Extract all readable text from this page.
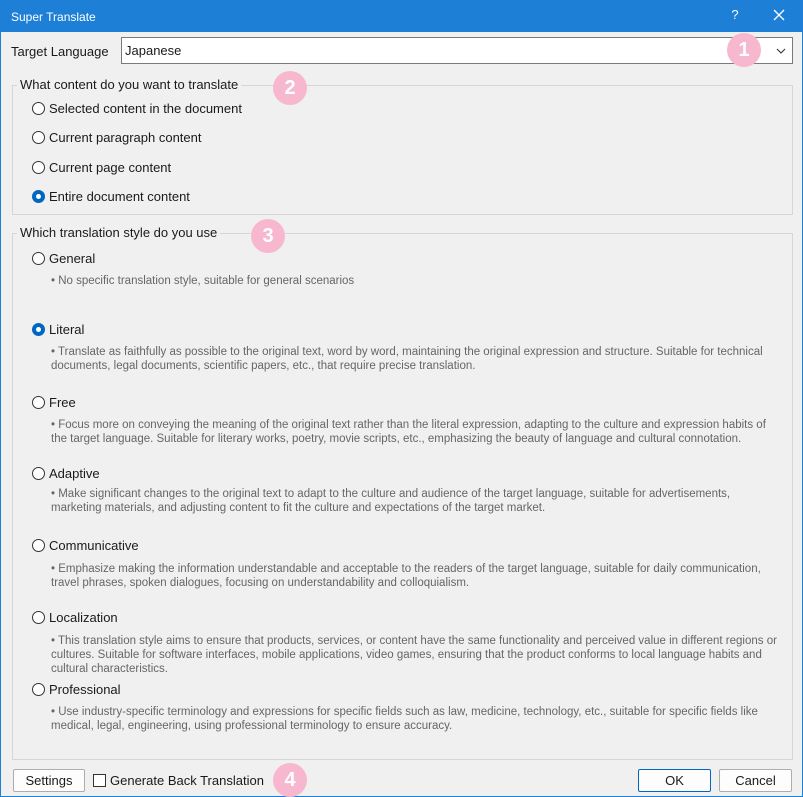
Super Translate	?
Target Language Japanese	1
What content do you want to translate	2
Selected content in the document
Current paragraph content
Current page content
Entire document content
Which translation style do you use	3
General
• No specific translation style, suitable for general scenarios
Literal
• Translate as faithfully as possible to the original text, word by word, maintaining the original expression and structure. Suitable for technical documents, legal documents, scientific papers, etc., that require precise translation.
Free
• Focus more on conveying the meaning of the original text rather than the literal expression, adapting to the culture and expression habits of the target language. Suitable for literary works, poetry, movie scripts, etc., emphasizing the beauty of language and cultural connotation.
Adaptive
• Make significant changes to the original text to adapt to the culture and audience of the target language, suitable for advertisements, marketing materials, and adjusting content to fit the culture and expectations of the target market.
Communicative
• Emphasize making the information understandable and acceptable to the readers of the target language, suitable for daily communication, travel phrases, spoken dialogues, focusing on understandability and colloquialism.
Localization
• This translation style aims to ensure that products, services, or content have the same functionality and perceived value in different regions or cultures. Suitable for software interfaces, mobile applications, video games, ensuring that the product conforms to local language habits and cultural characteristics.
Professional
• Use industry-specific terminology and expressions for specific fields such as law, medicine, technology, etc., suitable for specific fields like medical, legal, engineering, using professional terminology to ensure accuracy.
Settings	Generate Back Translation	4	OK	Cancel
